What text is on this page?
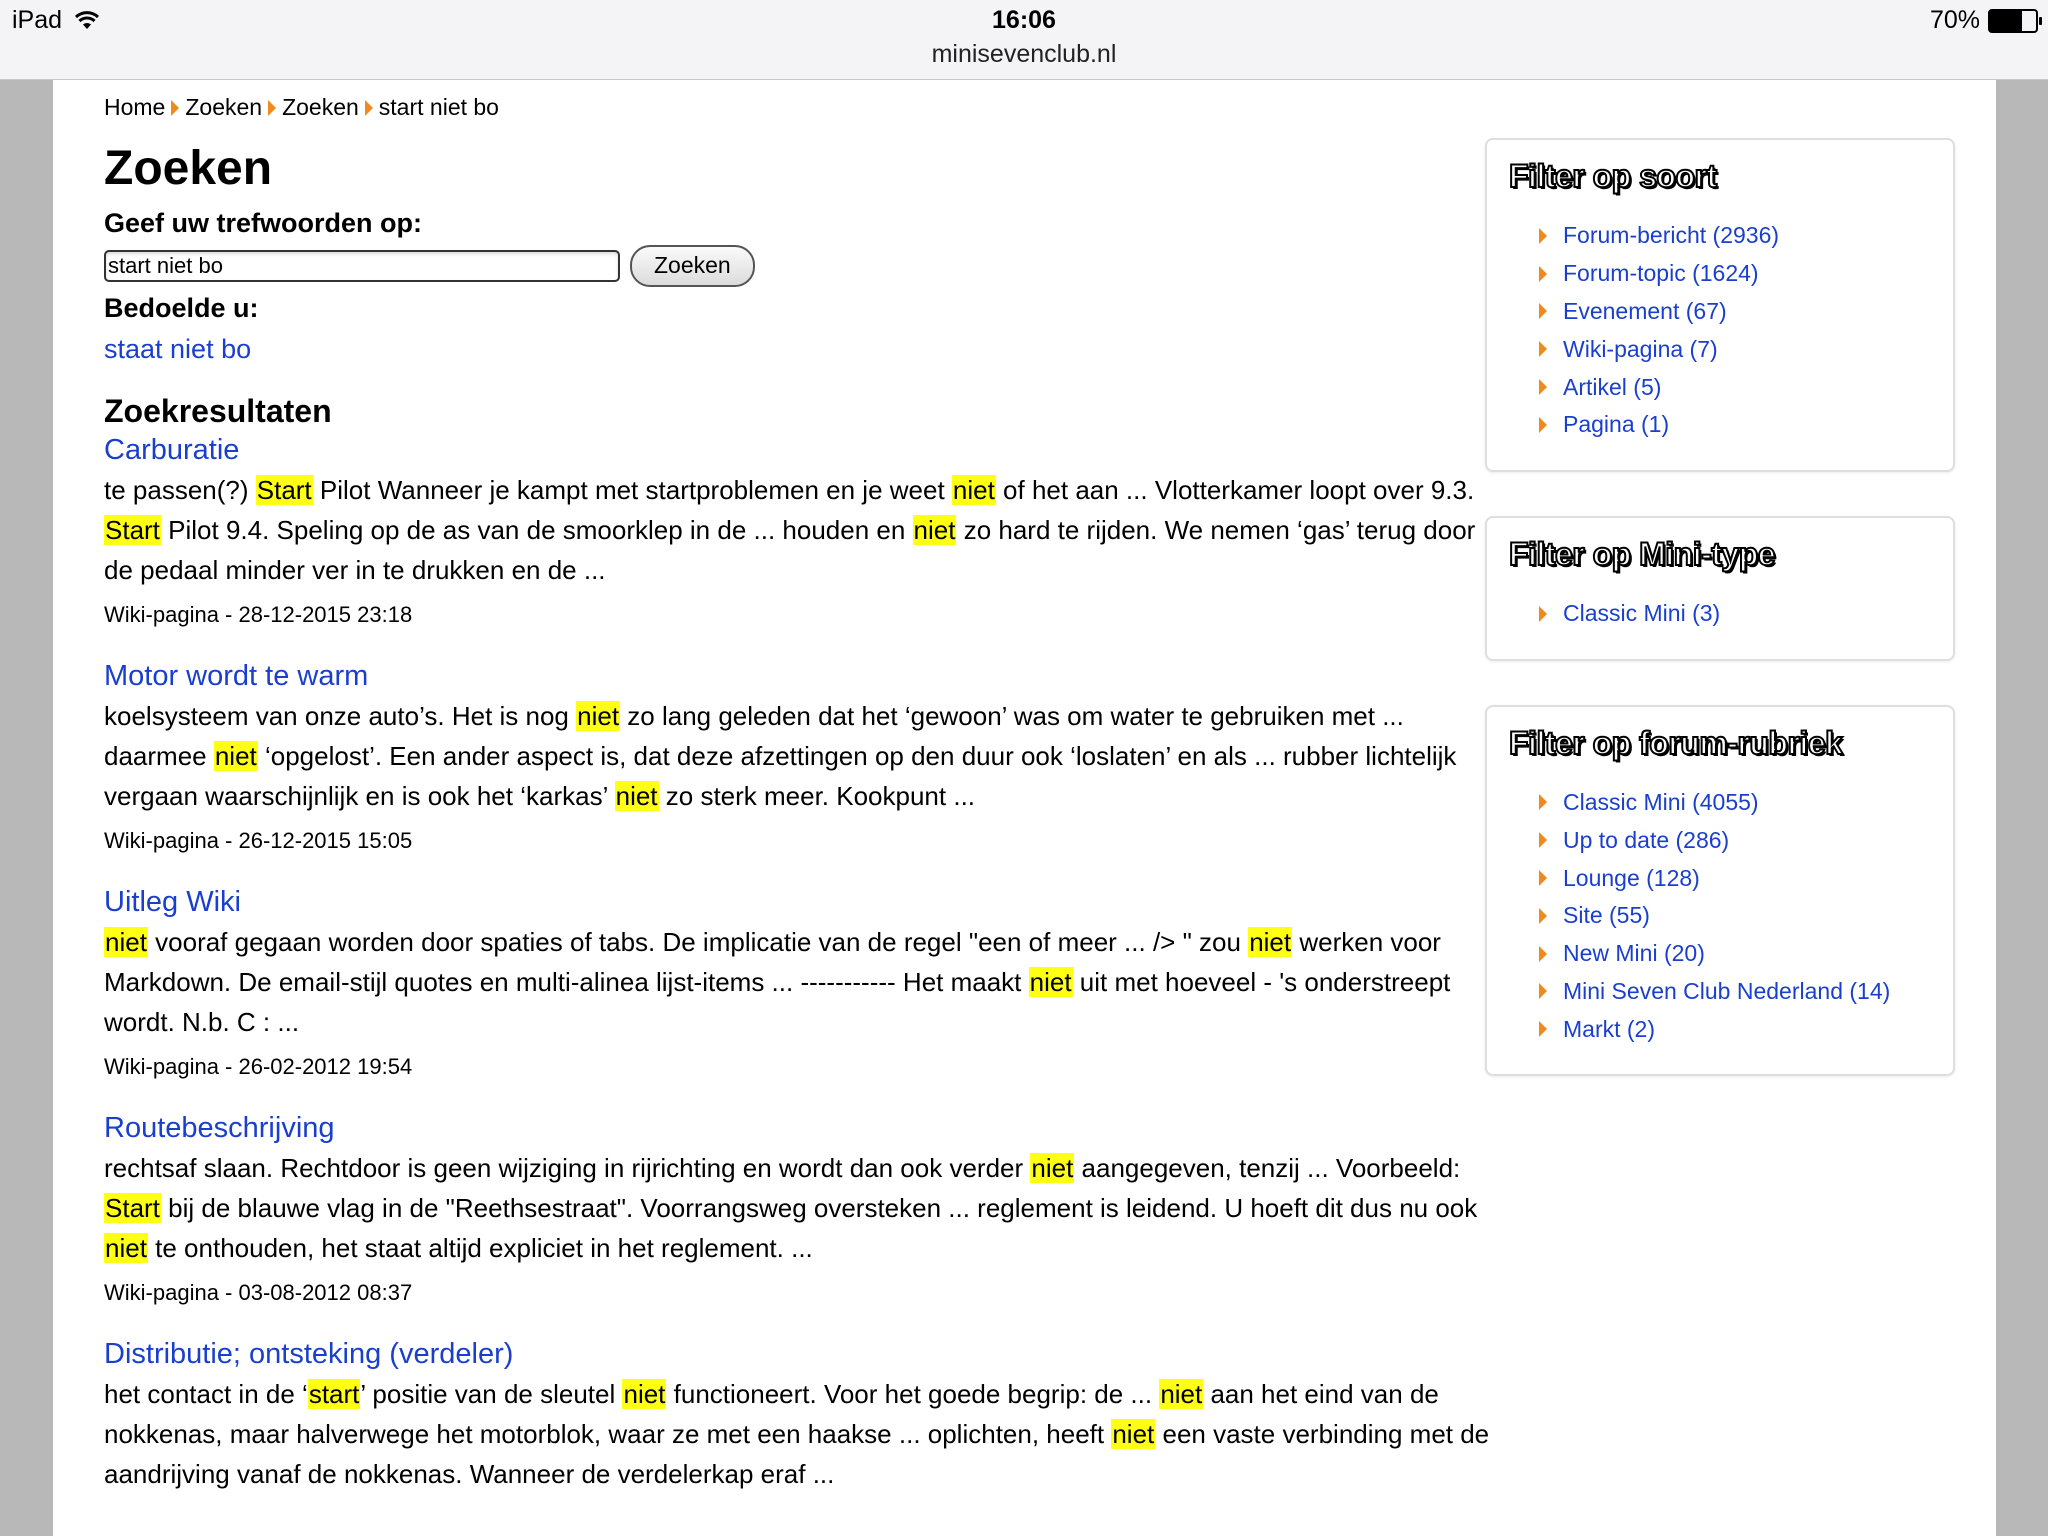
iPad	16:06
minisevenclub.nl
70%
Home Zoeken Zoeken start niet bo
Zoeken
Geef uw trefwoorden op:
start niet bo
Zoeken
Bedoelde u:
staat niet bo
Zoekresultaten
Carburatie
te passen(?) Start Pilot Wanneer je kampt met startproblemen en je weet niet of het aan ... Vlotterkamer loopt over 9.3. Start Pilot 9.4. Speling op de as van de smoorklep in de ... houden en niet zo hard te rijden. We nemen ‘gas’ terug door de pedaal minder ver in te drukken en de ...
Wiki-pagina - 28-12-2015 23:18
Motor wordt te warm
koelsysteem van onze auto’s. Het is nog niet zo lang geleden dat het ‘gewoon’ was om water te gebruiken met ... daarmee niet ‘opgelost’. Een ander aspect is, dat deze afzettingen op den duur ook ‘loslaten’ en als ... rubber lichtelijk vergaan waarschijnlijk en is ook het ‘karkas’ niet zo sterk meer. Kookpunt ...
Wiki-pagina - 26-12-2015 15:05
Uitleg Wiki
niet vooraf gegaan worden door spaties of tabs. De implicatie van de regel "een of meer ... /> " zou niet werken voor Markdown. De email-stijl quotes en multi-alinea lijst-items ... ----------- Het maakt niet uit met hoeveel - 's onderstreept wordt. N.b. C : ...
Wiki-pagina - 26-02-2012 19:54
Routebeschrijving
rechtsaf slaan. Rechtdoor is geen wijziging in rijrichting en wordt dan ook verder niet aangegeven, tenzij ... Voorbeeld: Start bij de blauwe vlag in de "Reethsestraat". Voorrangsweg oversteken ... reglement is leidend. U hoeft dit dus nu ook niet te onthouden, het staat altijd expliciet in het reglement. ...
Wiki-pagina - 03-08-2012 08:37
Distributie; ontsteking (verdeler)
het contact in de ‘start’ positie van de sleutel niet functioneert. Voor het goede begrip: de ... niet aan het eind van de nokkenas, maar halverwege het motorblok, waar ze met een haakse ... oplichten, heeft niet een vaste verbinding met de aandrijving vanaf de nokkenas. Wanneer de verdelerkap eraf ...
Filter op soort
Forum-bericht (2936)
Forum-topic (1624)
Evenement (67)
Wiki-pagina (7)
Artikel (5)
Pagina (1)
Filter op Mini-type
Classic Mini (3)
Filter op forum-rubriek
Classic Mini (4055)
Up to date (286)
Lounge (128)
Site (55)
New Mini (20)
Mini Seven Club Nederland (14)
Markt (2)
